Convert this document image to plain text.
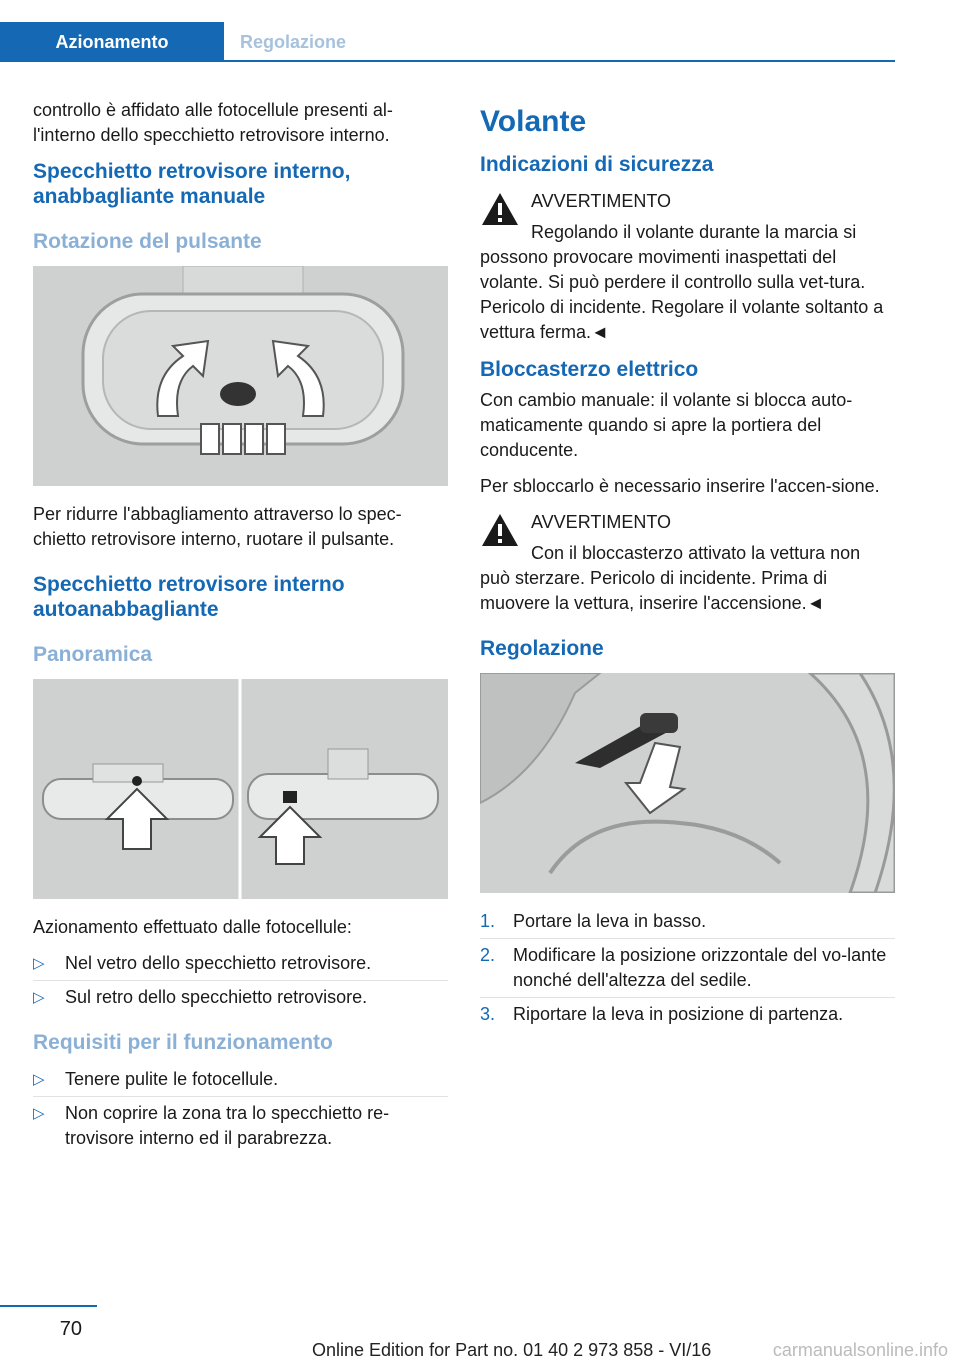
Azionamento	Regolazione

controllo è affidato alle fotocellule presenti al-l'interno dello specchietto retrovisore interno.

Specchietto retrovisore interno, anabbagliante manuale
Rotazione del pulsante

Per ridurre l'abbagliamento attraverso lo spec-chietto retrovisore interno, ruotare il pulsante.

Specchietto retrovisore interno autoanabbagliante
Panoramica

Azionamento effettuato dalle fotocellule:

▷ Nel vetro dello specchietto retrovisore.
▷ Sul retro dello specchietto retrovisore.
Requisiti per il funzionamento
▷ Tenere pulite le fotocellule.
▷ Non coprire la zona tra lo specchietto re-trovisore interno ed il parabrezza.
Volante
Indicazioni di sicurezza

AVVERTIMENTO

Regolando il volante durante la marcia si possono provocare movimenti inaspettati del volante. Si può perdere il controllo sulla vet-tura. Pericolo di incidente. Regolare il volante soltanto a vettura ferma.◄

Bloccasterzo elettrico

Con cambio manuale: il volante si blocca auto-maticamente quando si apre la portiera del conducente.

Per sbloccarlo è necessario inserire l'accen-sione.

AVVERTIMENTO

Con il bloccasterzo attivato la vettura non può sterzare. Pericolo di incidente. Prima di muovere la vettura, inserire l'accensione.◄

Regolazione
1. Portare la leva in basso.
2. Modificare la posizione orizzontale del vo-lante nonché dell'altezza del sedile.
3. Riportare la leva in posizione di partenza.
70
Online Edition for Part no. 01 40 2 973 858 - VI/16	carmanualsonline.info
